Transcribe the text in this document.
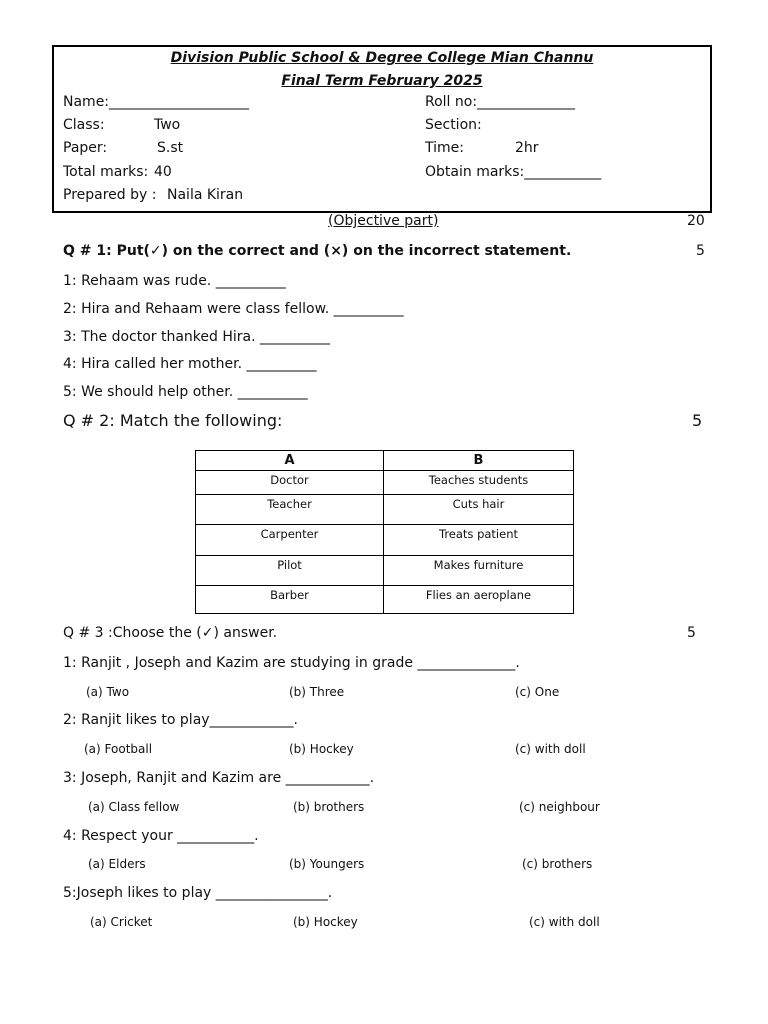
Division Public School & Degree College Mian Channu
Final Term February 2025
Name:____________________	Roll no:______________
Class:	Two	Section:
Paper:	S.st	Time:	2hr
Total marks: 40	Obtain marks:___________
Prepared by : Naila Kiran
(Objective part)	20
Q # 1: Put(✓) on the correct and (×) on the incorrect statement.	5
1: Rehaam was rude. __________
2: Hira and Rehaam were class fellow. __________
3: The doctor thanked Hira. __________
4: Hira called her mother. __________
5: We should help other. __________
Q # 2: Match the following:	5
A	B
Doctor	Teaches students
Teacher	Cuts hair
Carpenter	Treats patient
Pilot	Makes furniture
Barber	Flies an aeroplane
Q # 3 :Choose the (✓) answer.	5
1: Ranjit , Joseph and Kazim are studying in grade ______________.
(a) Two	(b) Three	(c) One
2: Ranjit likes to play____________.
(a) Football	(b) Hockey	(c) with doll
3: Joseph, Ranjit and Kazim are ____________.
(a) Class fellow	(b) brothers	(c) neighbour
4: Respect your ___________.
(a) Elders	(b) Youngers	(c) brothers
5:Joseph likes to play ________________.
(a) Cricket	(b) Hockey	(c) with doll
